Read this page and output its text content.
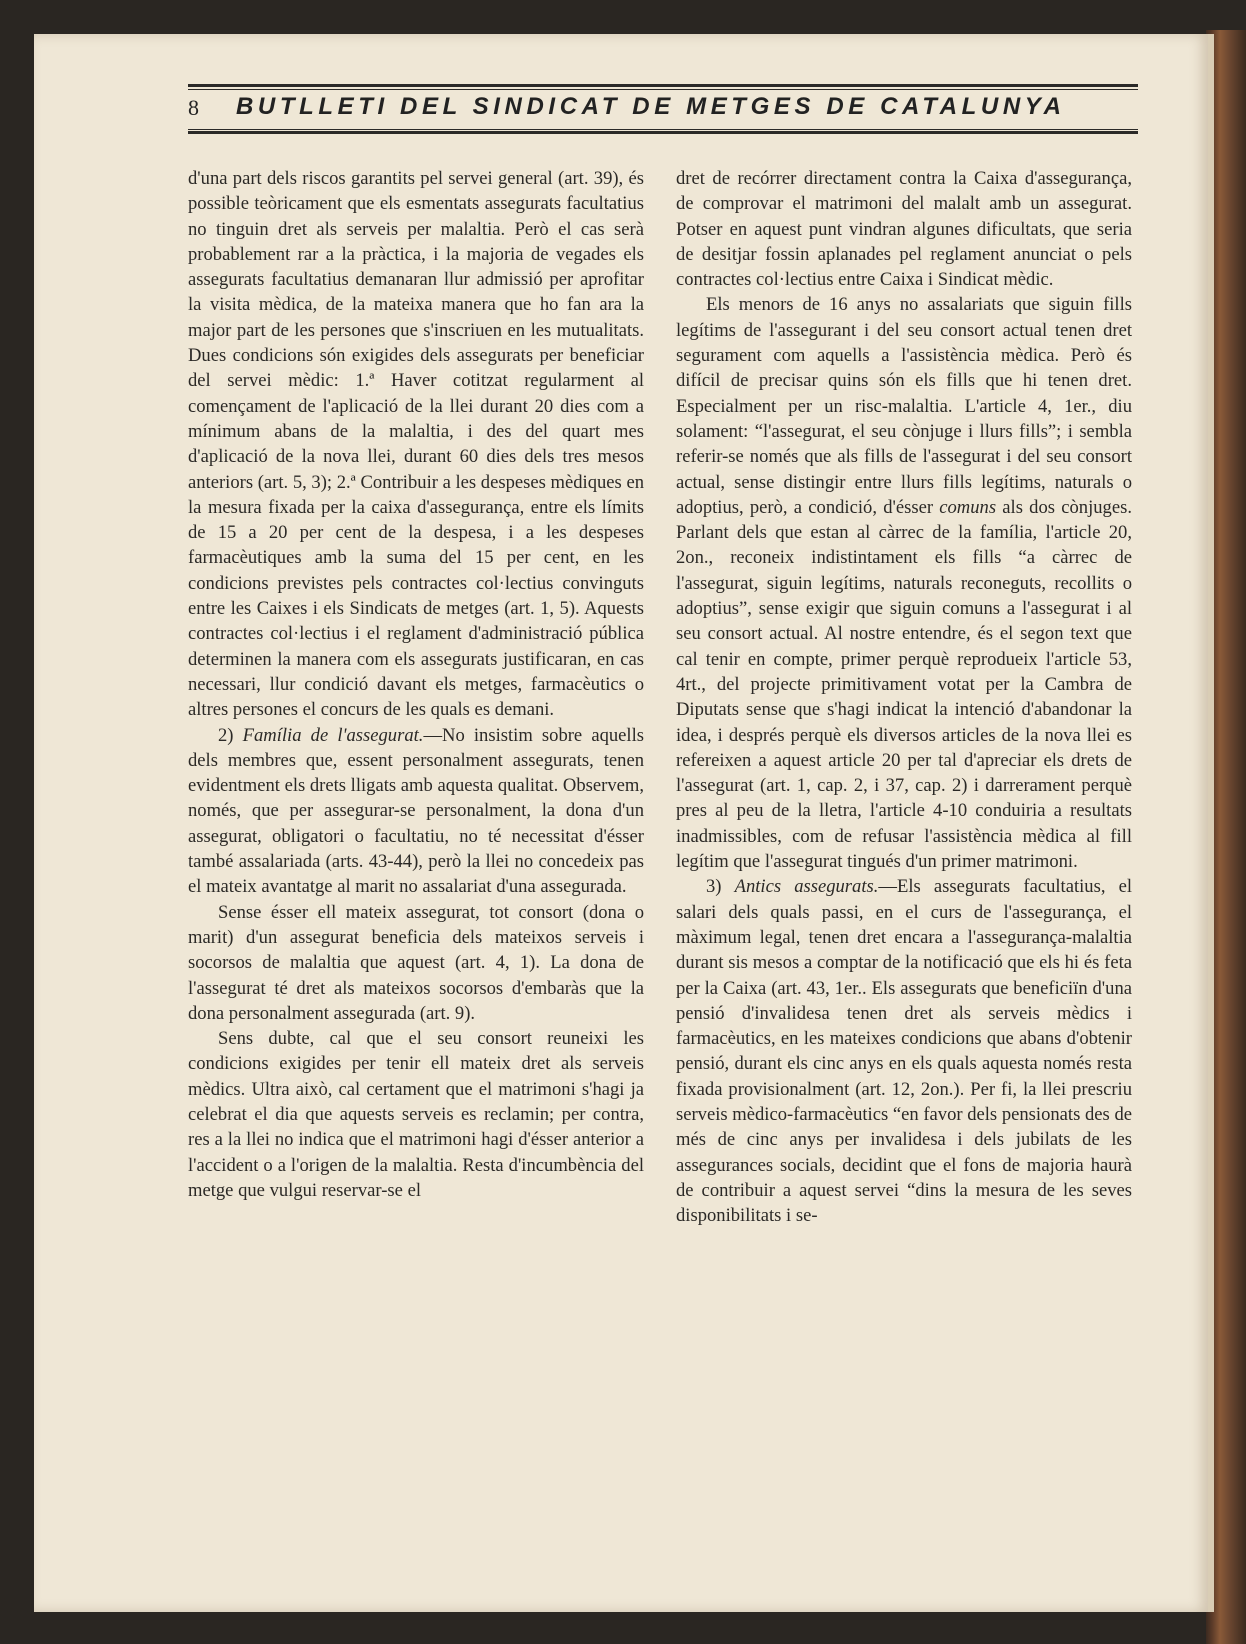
8 BUTLLETI DEL SINDICAT DE METGES DE CATALUNYA

d'una part dels riscos garantits pel servei general (art. 39), és possible teòricament que els esmentats assegurats facultatius no tinguin dret als serveis per malaltia. Però el cas serà probablement rar a la pràctica, i la majoria de vegades els assegurats facultatius demanaran llur admissió per aprofitar la visita mèdica, de la mateixa manera que ho fan ara la major part de les persones que s'inscriuen en les mutualitats. Dues condicions són exigides dels assegurats per beneficiar del servei mèdic: 1.ª Haver cotitzat regularment al començament de l'aplicació de la llei durant 20 dies com a mínimum abans de la malaltia, i des del quart mes d'aplicació de la nova llei, durant 60 dies dels tres mesos anteriors (art. 5, 3); 2.ª Contribuir a les despeses mèdiques en la mesura fixada per la caixa d'assegurança, entre els límits de 15 a 20 per cent de la despesa, i a les despeses farmacèutiques amb la suma del 15 per cent, en les condicions previstes pels contractes col·lectius convinguts entre les Caixes i els Sindicats de metges (art. 1, 5). Aquests contractes col·lectius i el reglament d'administració pública determinen la manera com els assegurats justificaran, en cas necessari, llur condició davant els metges, farmacèutics o altres persones el concurs de les quals es demani.

2) Família de l'assegurat.—No insistim sobre aquells dels membres que, essent personalment assegurats, tenen evidentment els drets lligats amb aquesta qualitat. Observem, només, que per assegurar-se personalment, la dona d'un assegurat, obligatori o facultatiu, no té necessitat d'ésser també assalariada (arts. 43-44), però la llei no concedeix pas el mateix avantatge al marit no assalariat d'una assegurada.

Sense ésser ell mateix assegurat, tot consort (dona o marit) d'un assegurat beneficia dels mateixos serveis i socorsos de malaltia que aquest (art. 4, 1). La dona de l'assegurat té dret als mateixos socorsos d'embaràs que la dona personalment assegurada (art. 9).

Sens dubte, cal que el seu consort reuneixi les condicions exigides per tenir ell mateix dret als serveis mèdics. Ultra això, cal certament que el matrimoni s'hagi ja celebrat el dia que aquests serveis es reclamin; per contra, res a la llei no indica que el matrimoni hagi d'ésser anterior a l'accident o a l'origen de la malaltia. Resta d'incumbència del metge que vulgui reservar-se el

dret de recórrer directament contra la Caixa d'assegurança, de comprovar el matrimoni del malalt amb un assegurat. Potser en aquest punt vindran algunes dificultats, que seria de desitjar fossin aplanades pel reglament anunciat o pels contractes col·lectius entre Caixa i Sindicat mèdic.

Els menors de 16 anys no assalariats que siguin fills legítims de l'assegurant i del seu consort actual tenen dret segurament com aquells a l'assistència mèdica. Però és difícil de precisar quins són els fills que hi tenen dret. Especialment per un risc-malaltia. L'article 4, 1er., diu solament: “l'assegurat, el seu cònjuge i llurs fills”; i sembla referir-se només que als fills de l'assegurat i del seu consort actual, sense distingir entre llurs fills legítims, naturals o adoptius, però, a condició, d'ésser comuns als dos cònjuges. Parlant dels que estan al càrrec de la família, l'article 20, 2on., reconeix indistintament els fills “a càrrec de l'assegurat, siguin legítims, naturals reconeguts, recollits o adoptius”, sense exigir que siguin comuns a l'assegurat i al seu consort actual. Al nostre entendre, és el segon text que cal tenir en compte, primer perquè reprodueix l'article 53, 4rt., del projecte primitivament votat per la Cambra de Diputats sense que s'hagi indicat la intenció d'abandonar la idea, i després perquè els diversos articles de la nova llei es refereixen a aquest article 20 per tal d'apreciar els drets de l'assegurat (art. 1, cap. 2, i 37, cap. 2) i darrerament perquè pres al peu de la lletra, l'article 4-10 conduiria a resultats inadmissibles, com de refusar l'assistència mèdica al fill legítim que l'assegurat tingués d'un primer matrimoni.

3) Antics assegurats.—Els assegurats facultatius, el salari dels quals passi, en el curs de l'assegurança, el màximum legal, tenen dret encara a l'assegurança-malaltia durant sis mesos a comptar de la notificació que els hi és feta per la Caixa (art. 43, 1er.. Els assegurats que beneficiïn d'una pensió d'invalidesa tenen dret als serveis mèdics i farmacèutics, en les mateixes condicions que abans d'obtenir pensió, durant els cinc anys en els quals aquesta només resta fixada provisionalment (art. 12, 2on.). Per fi, la llei prescriu serveis mèdico-farmacèutics “en favor dels pensionats des de més de cinc anys per invalidesa i dels jubilats de les assegurances socials, decidint que el fons de majoria haurà de contribuir a aquest servei “dins la mesura de les seves disponibilitats i se-
